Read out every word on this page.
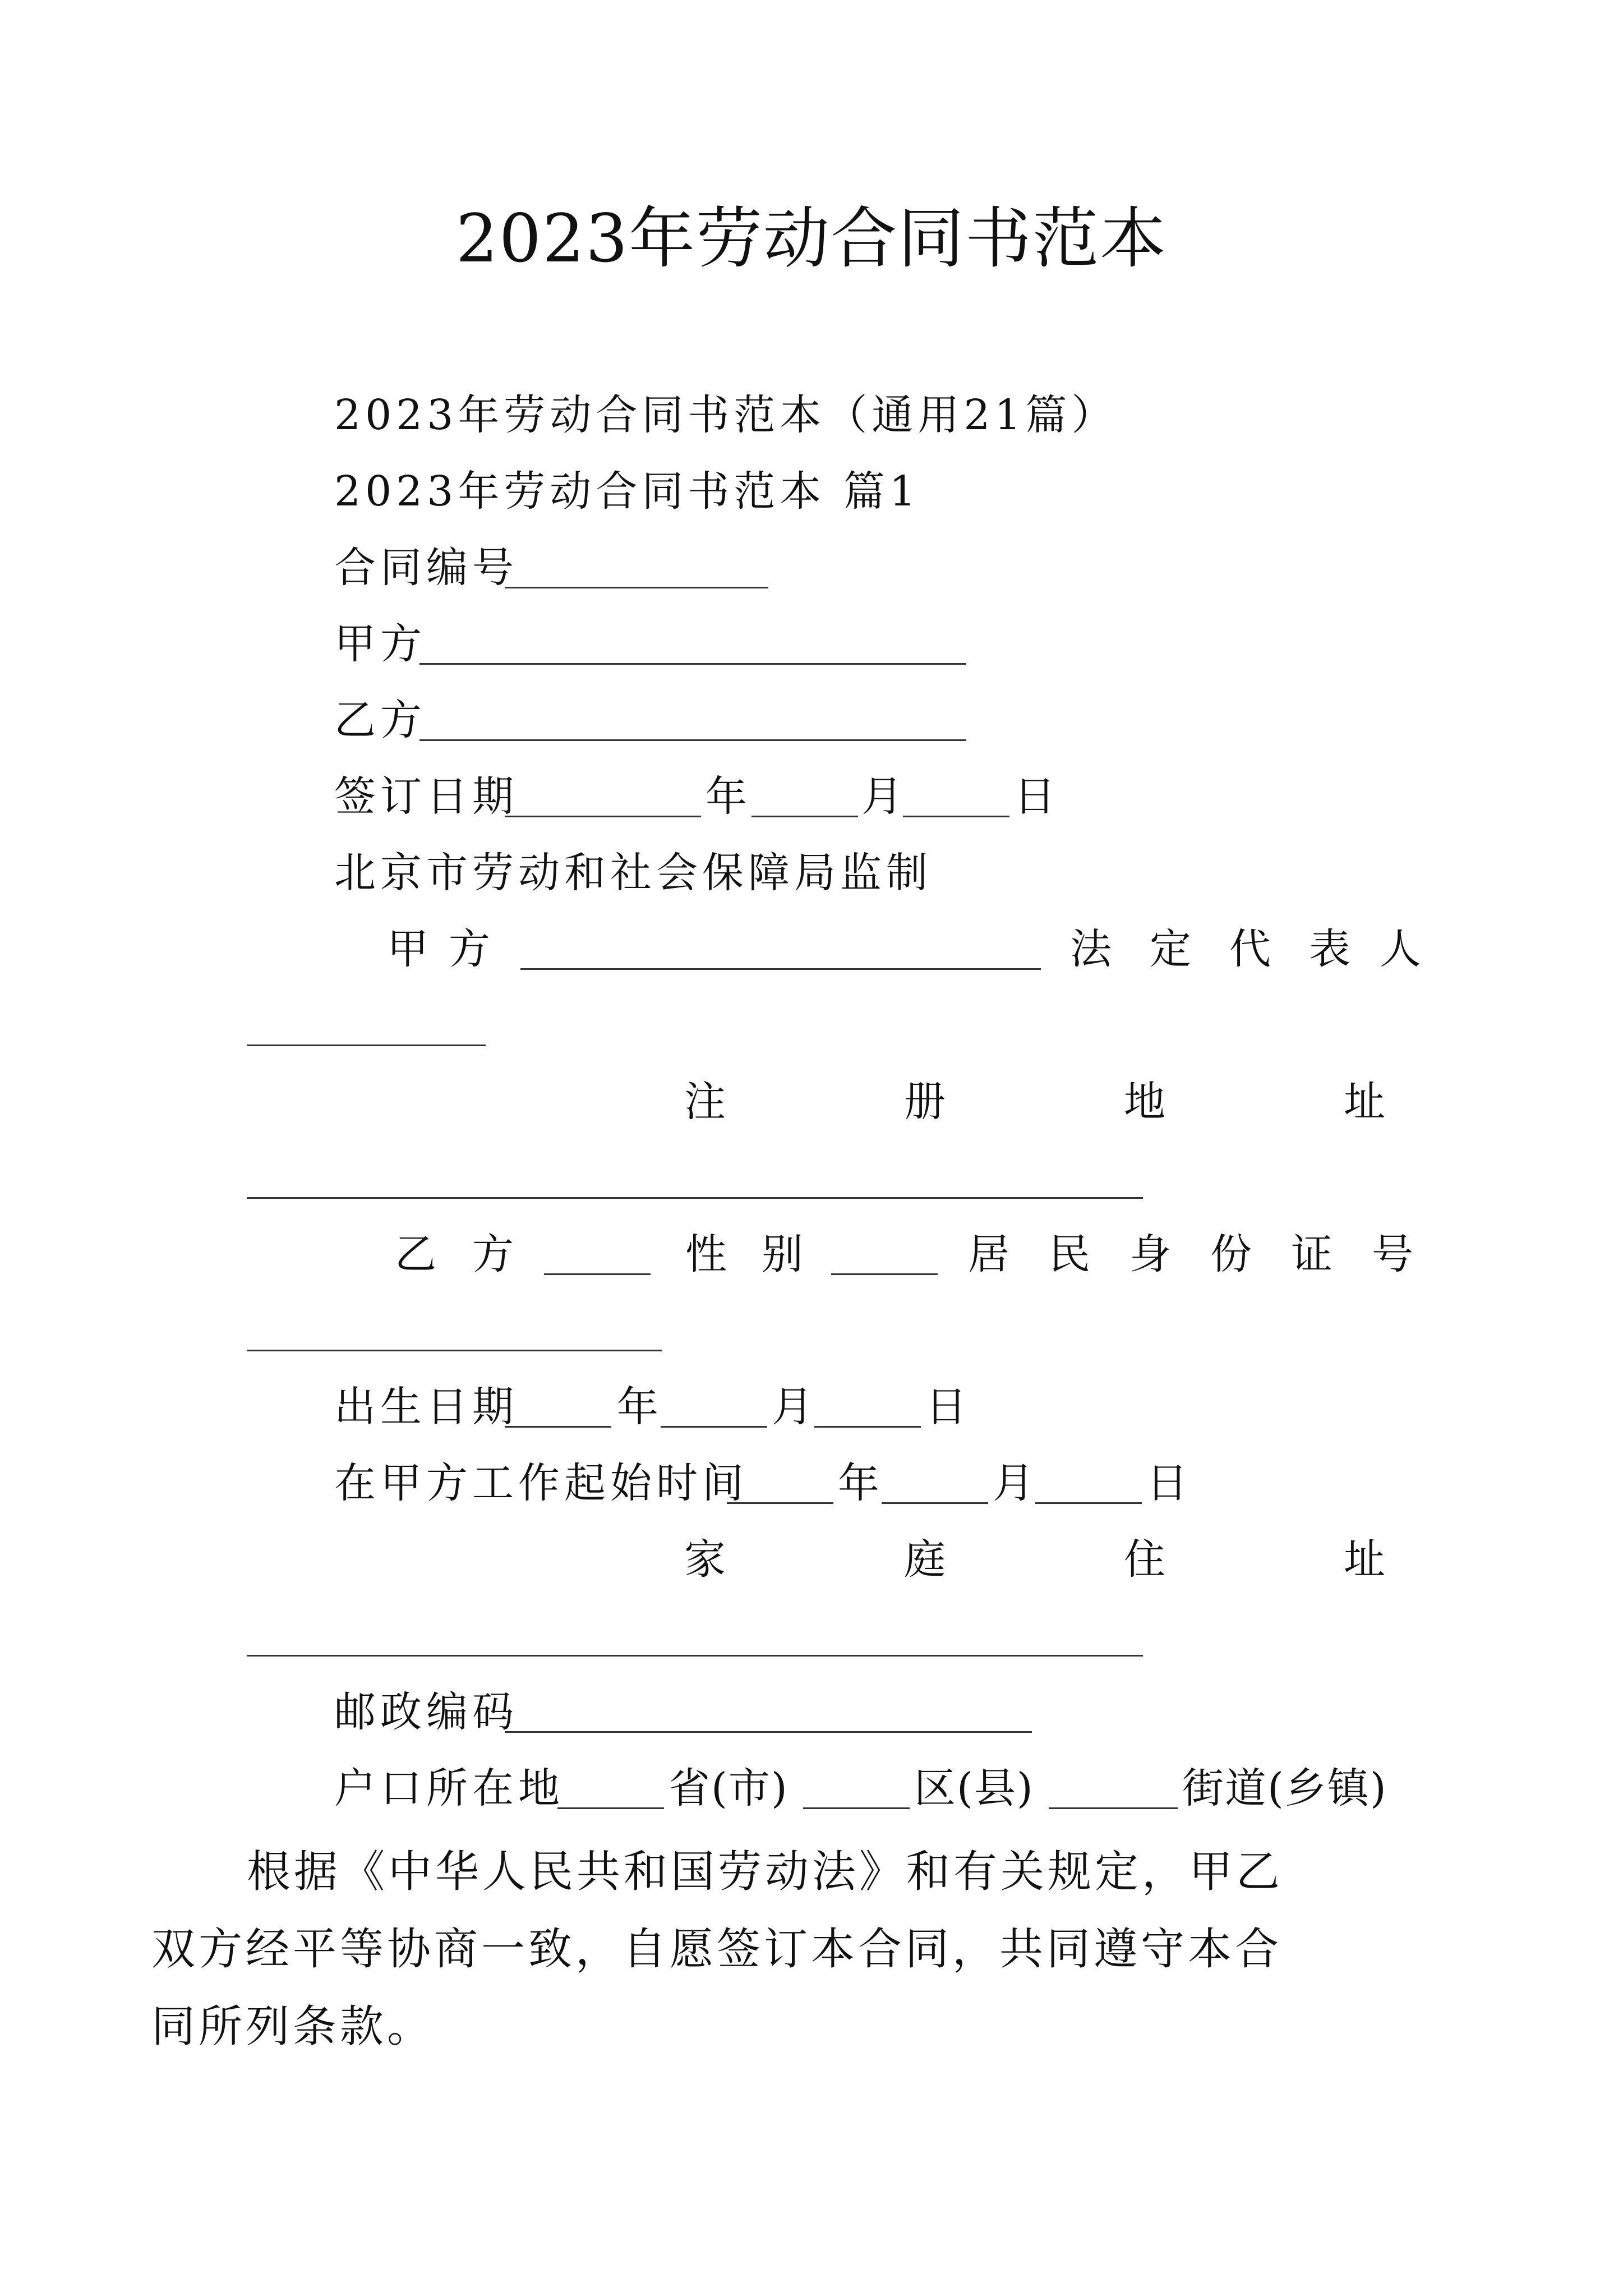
2023年劳动合同书范本
2023年劳动合同书范本（通用21篇）
2023年劳动合同书范本 篇1
合同编号
甲方
乙方
签订日期	年	月	日
北京市劳动和社会保障局监制
甲 方	法 定 代 表 人
注	册	地	址
乙 方	性 别	居 民 身 份 证 号
出生日期 年	月	日
在甲方工作起始时间 年	月	日
家	庭	住	址
邮政编码
户口所在地	省(市)	区(县)	街道(乡镇)
根据《中华人民共和国劳动法》和有关规定，甲乙双方经平等协商一致，自愿签订本合同，共同遵守本合同所列条款。
